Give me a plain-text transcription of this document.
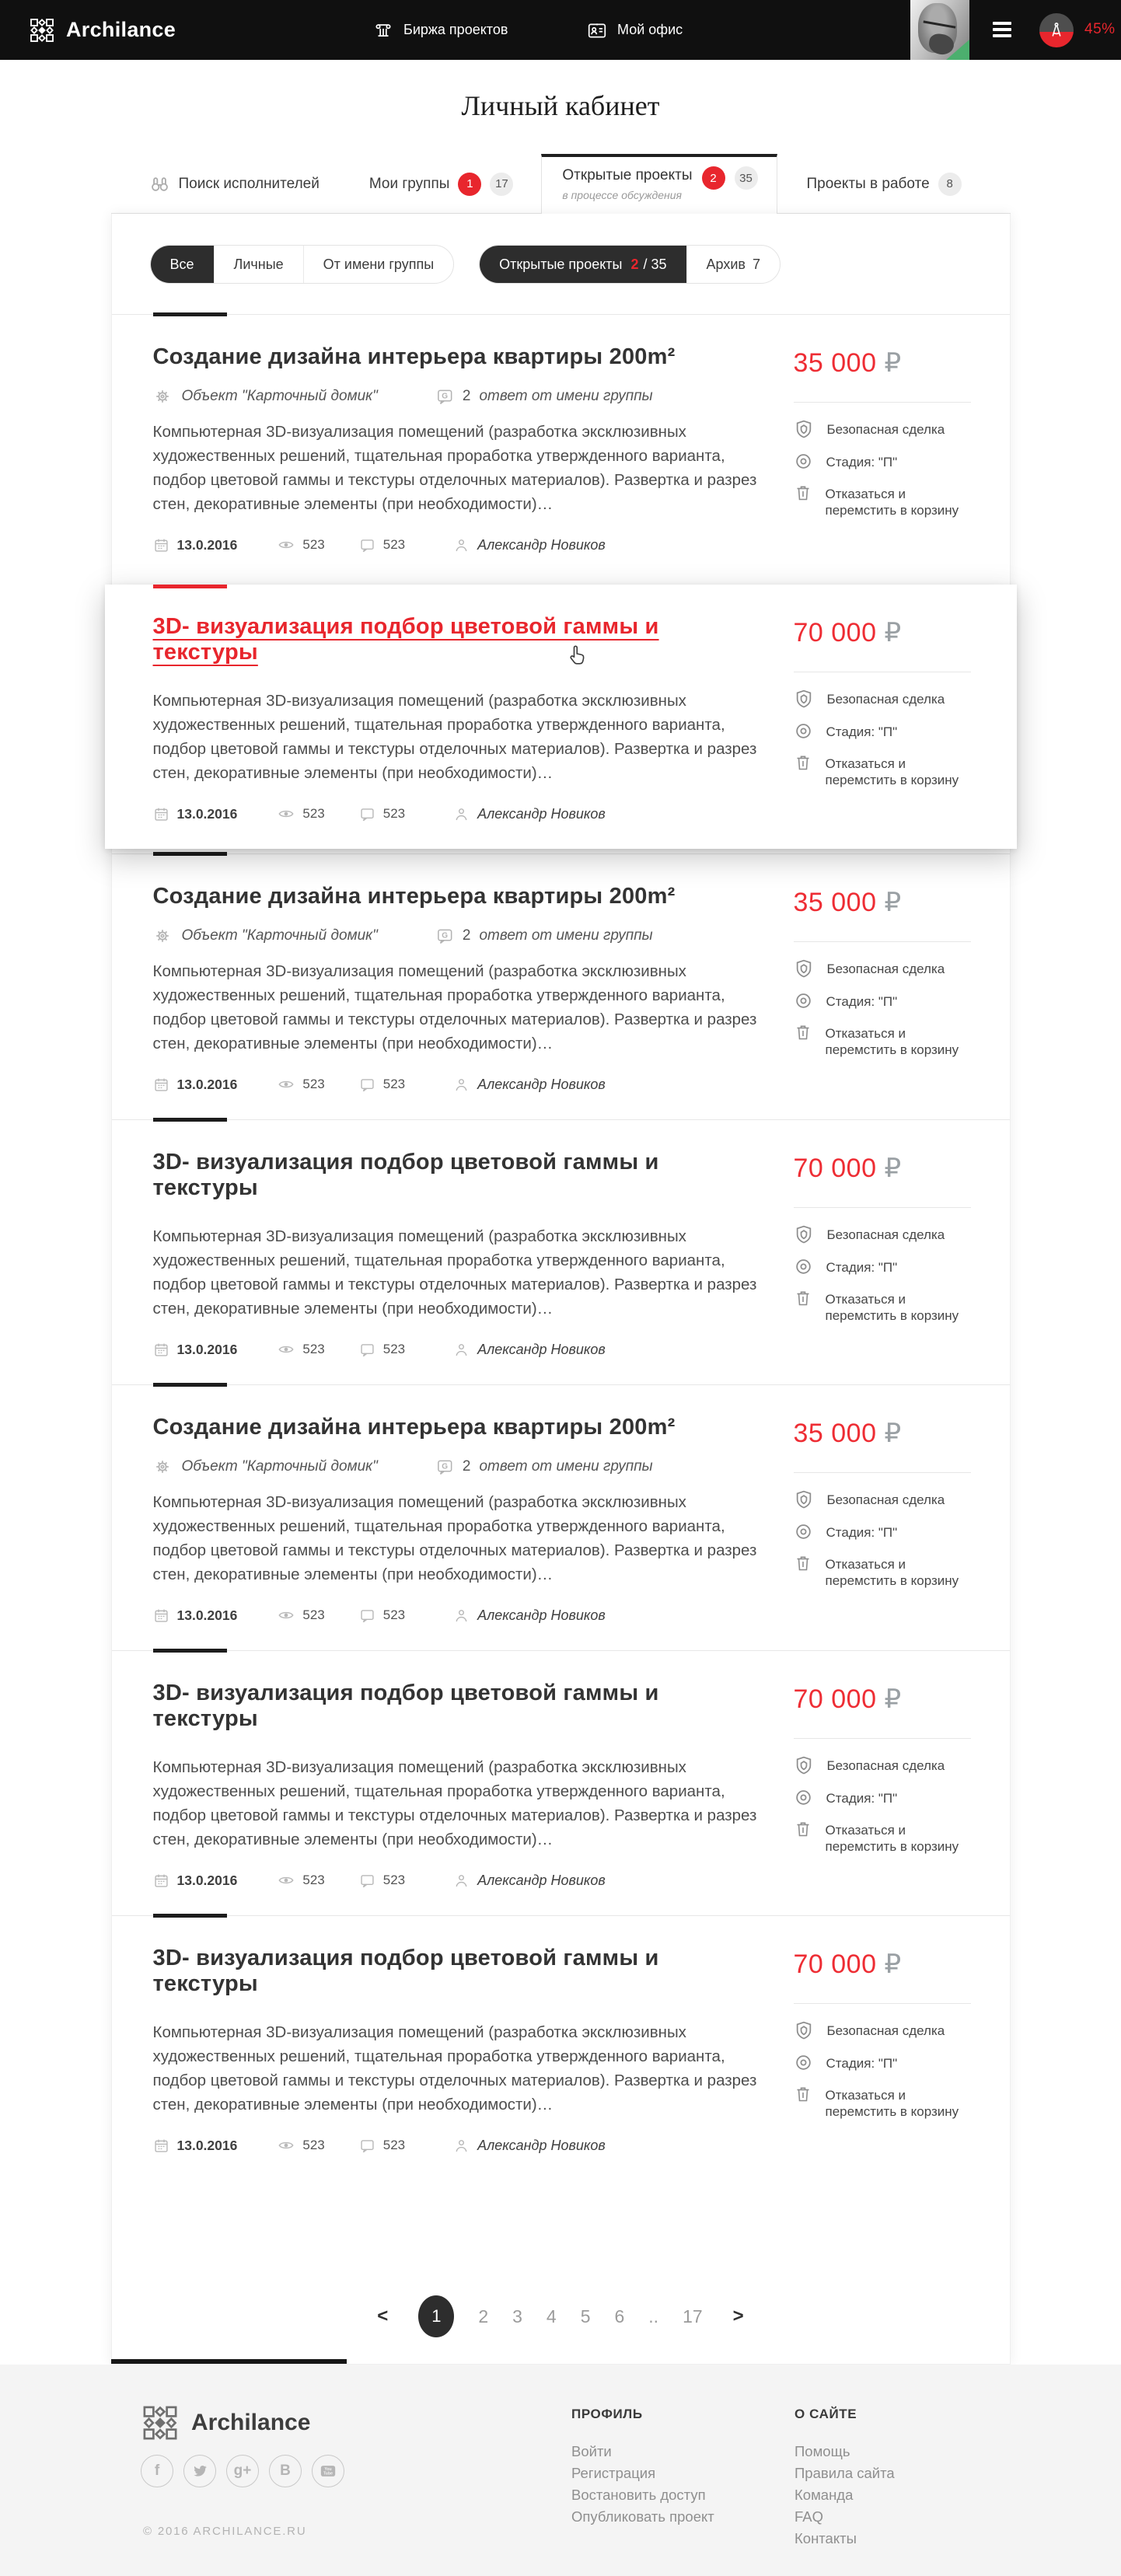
Archilance	Биржа проектов	Мой офис	45%
Личный кабинет
Поиск исполнителей	Мои группы	1	17
Открытые проекты
в процессе обсуждения
2	35	Проекты в работе	8
Все	Личные	От имени группы	Открытые проекты 2 / 35	Архив 7
Создание дизайна интерьера квартиры 200m²
Объект "Карточный домик"	2 ответ от имени группы

Компьютерная 3D-визуализация помещений (разработка эксклюзивных художественных решений, тщательная проработка утвержденного варианта, подбор цветовой гаммы и текстуры отделочных материалов). Развертка и разрез стен, декоративные элементы (при необходимости)…

13.0.2016	523	523	Александр Новиков
35 000 ₽
Безопасная сделка
Стадия: "П"
Отказаться и перемстить в корзину
3D- визуализация подбор цветовой гаммы и текстуры

Компьютерная 3D-визуализация помещений (разработка эксклюзивных художественных решений, тщательная проработка утвержденного варианта, подбор цветовой гаммы и текстуры отделочных материалов). Развертка и разрез стен, декоративные элементы (при необходимости)…

13.0.2016	523	523	Александр Новиков
70 000 ₽
Безопасная сделка
Стадия: "П"
Отказаться и перемстить в корзину
Создание дизайна интерьера квартиры 200m²
Объект "Карточный домик"	2 ответ от имени группы

Компьютерная 3D-визуализация помещений (разработка эксклюзивных художественных решений, тщательная проработка утвержденного варианта, подбор цветовой гаммы и текстуры отделочных материалов). Развертка и разрез стен, декоративные элементы (при необходимости)…

13.0.2016	523	523	Александр Новиков
35 000 ₽
Безопасная сделка
Стадия: "П"
Отказаться и перемстить в корзину
3D- визуализация подбор цветовой гаммы и текстуры

Компьютерная 3D-визуализация помещений (разработка эксклюзивных художественных решений, тщательная проработка утвержденного варианта, подбор цветовой гаммы и текстуры отделочных материалов). Развертка и разрез стен, декоративные элементы (при необходимости)…

13.0.2016	523	523	Александр Новиков
70 000 ₽
Безопасная сделка
Стадия: "П"
Отказаться и перемстить в корзину
Создание дизайна интерьера квартиры 200m²
Объект "Карточный домик"	2 ответ от имени группы

Компьютерная 3D-визуализация помещений (разработка эксклюзивных художественных решений, тщательная проработка утвержденного варианта, подбор цветовой гаммы и текстуры отделочных материалов). Развертка и разрез стен, декоративные элементы (при необходимости)…

13.0.2016	523	523	Александр Новиков
35 000 ₽
Безопасная сделка
Стадия: "П"
Отказаться и перемстить в корзину
3D- визуализация подбор цветовой гаммы и текстуры

Компьютерная 3D-визуализация помещений (разработка эксклюзивных художественных решений, тщательная проработка утвержденного варианта, подбор цветовой гаммы и текстуры отделочных материалов). Развертка и разрез стен, декоративные элементы (при необходимости)…

13.0.2016	523	523	Александр Новиков
70 000 ₽
Безопасная сделка
Стадия: "П"
Отказаться и перемстить в корзину
3D- визуализация подбор цветовой гаммы и текстуры

Компьютерная 3D-визуализация помещений (разработка эксклюзивных художественных решений, тщательная проработка утвержденного варианта, подбор цветовой гаммы и текстуры отделочных материалов). Развертка и разрез стен, декоративные элементы (при необходимости)…

13.0.2016	523	523	Александр Новиков
70 000 ₽
Безопасная сделка
Стадия: "П"
Отказаться и перемстить в корзину
<	1	2 3 4 5 6 .. 17 >
Archilance
f	g+ B
© 2016 ARCHILANCE.RU
ПРОФИЛЬ
Войти
Регистрация
Востановить доступ
Опубликовать проект
О САЙТЕ
Помощь
Правила сайта
Команда
FAQ
Контакты
